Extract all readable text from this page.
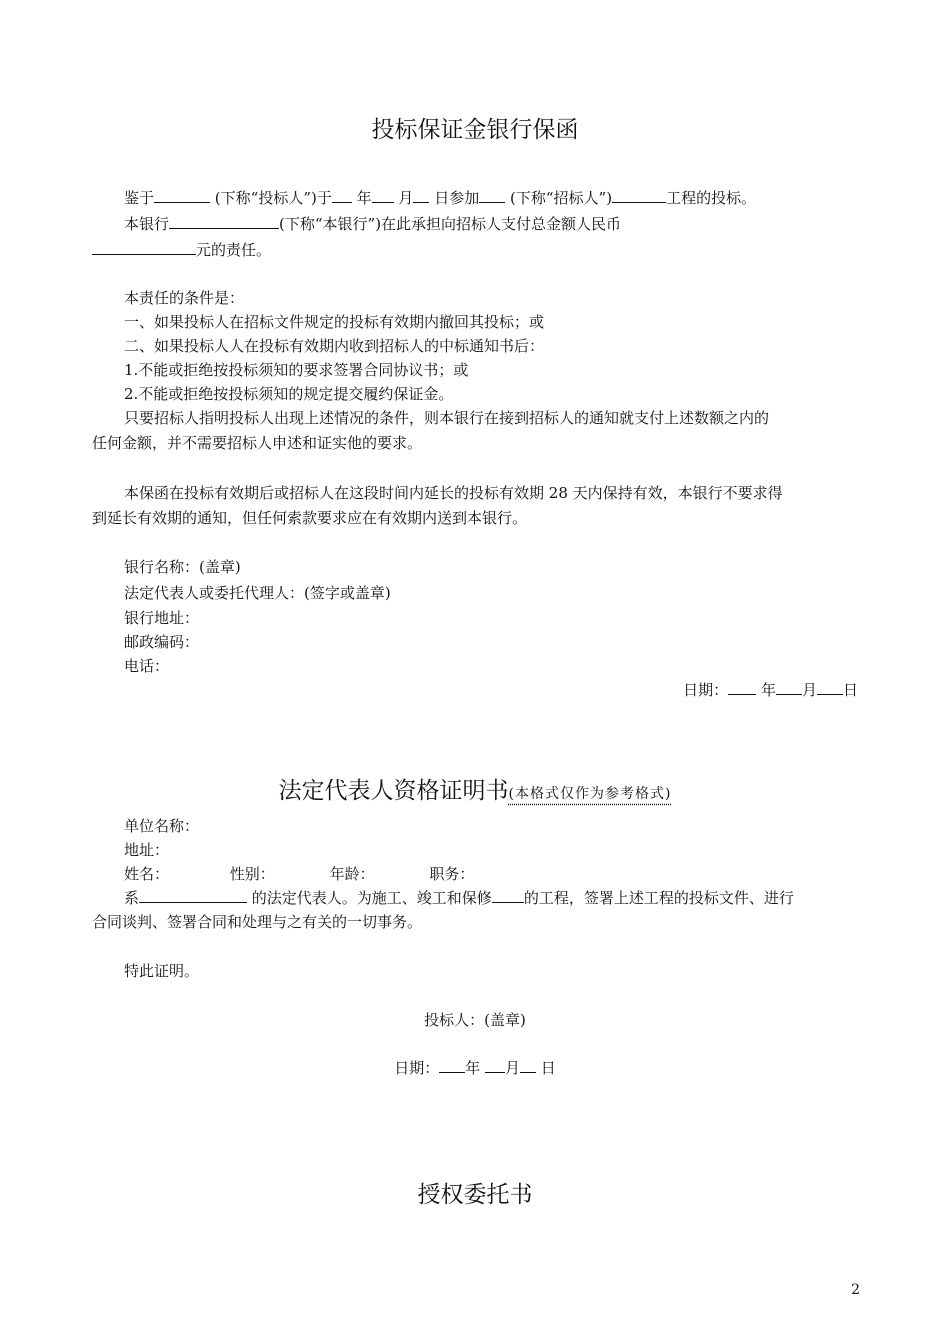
投标保证金银行保函
鉴于	(下称“投标人”)于 年 月 日参加 (下称“招标人”)	工程的投标。
本银行	(下称“本银行”)在此承担向招标人支付总金额人民币
元的责任。
本责任的条件是：
一、如果投标人在招标文件规定的投标有效期内撤回其投标；或
二、如果投标人人在投标有效期内收到招标人的中标通知书后：
1.不能或拒绝按投标须知的要求签署合同协议书；或
2.不能或拒绝按投标须知的规定提交履约保证金。
只要招标人指明投标人出现上述情况的条件，则本银行在接到招标人的通知就支付上述数额之内的
任何金额，并不需要招标人申述和证实他的要求。
本保函在投标有效期后或招标人在这段时间内延长的投标有效期 28 天内保持有效，本银行不要求得
到延长有效期的通知，但任何索款要求应在有效期内送到本银行。
银行名称：(盖章)
法定代表人或委托代理人：(签字或盖章)
银行地址：
邮政编码：
电话：
日期： 年 月 日
法定代表人资格证明书(本格式仅作为参考格式)
单位名称：
地址：
姓名：	性别：	年龄：	职务：
系	的法定代表人。为施工、竣工和保修 的工程，签署上述工程的投标文件、进行
合同谈判、签署合同和处理与之有关的一切事务。
特此证明。
投标人：(盖章)
日期： 年 月 日
授权委托书
2
